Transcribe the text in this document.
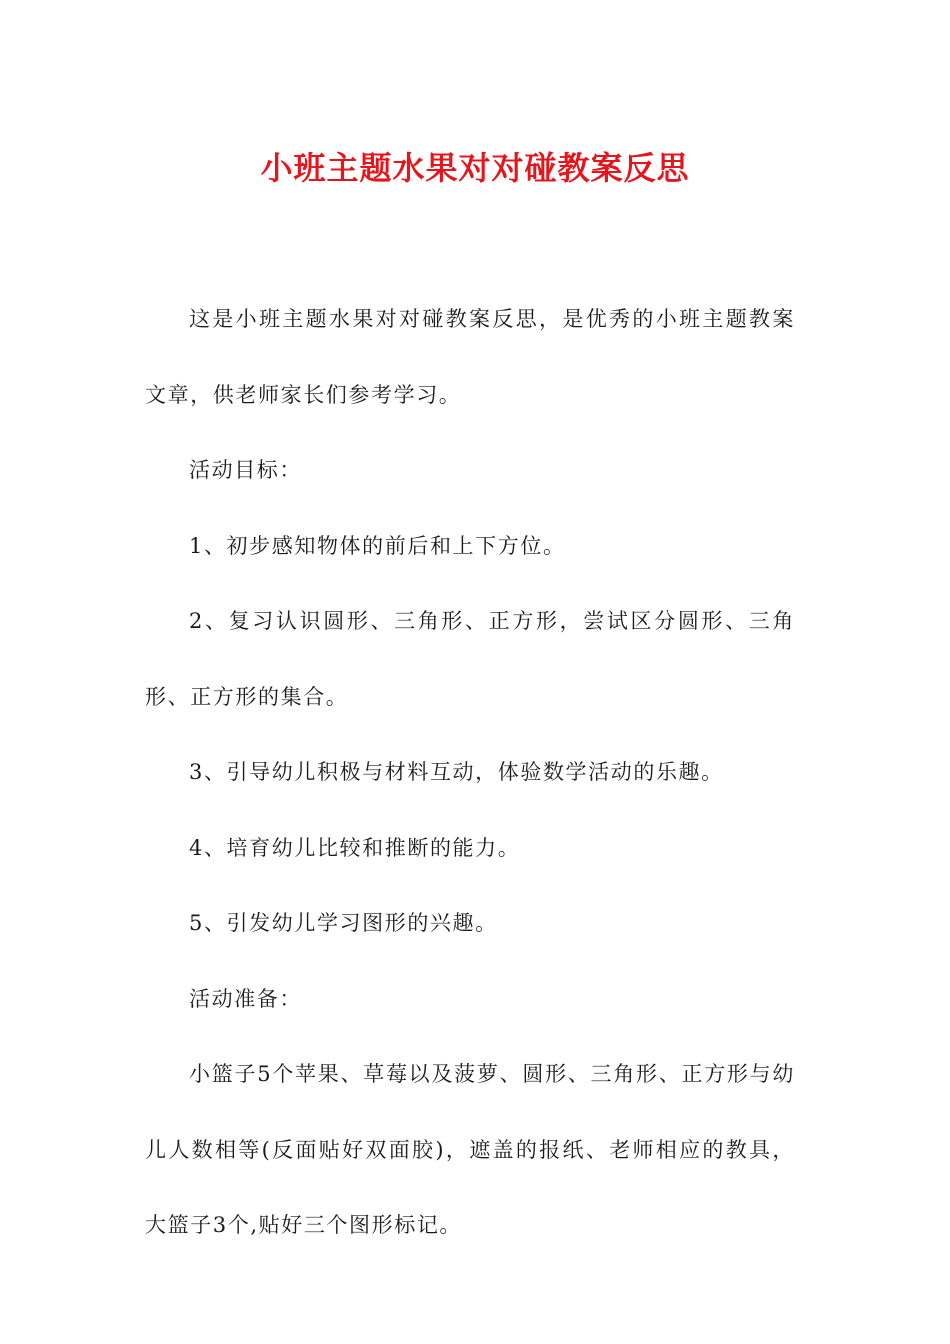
小班主题水果对对碰教案反思

这是小班主题水果对对碰教案反思，是优秀的小班主题教案文章，供老师家长们参考学习。

活动目标：

1、初步感知物体的前后和上下方位。

2、复习认识圆形、三角形、正方形，尝试区分圆形、三角形、正方形的集合。

3、引导幼儿积极与材料互动，体验数学活动的乐趣。

4、培育幼儿比较和推断的能力。

5、引发幼儿学习图形的兴趣。

活动准备：

小篮子5个苹果、草莓以及菠萝、圆形、三角形、正方形与幼儿人数相等(反面贴好双面胶)，遮盖的报纸、老师相应的教具，大篮子3个,贴好三个图形标记。
